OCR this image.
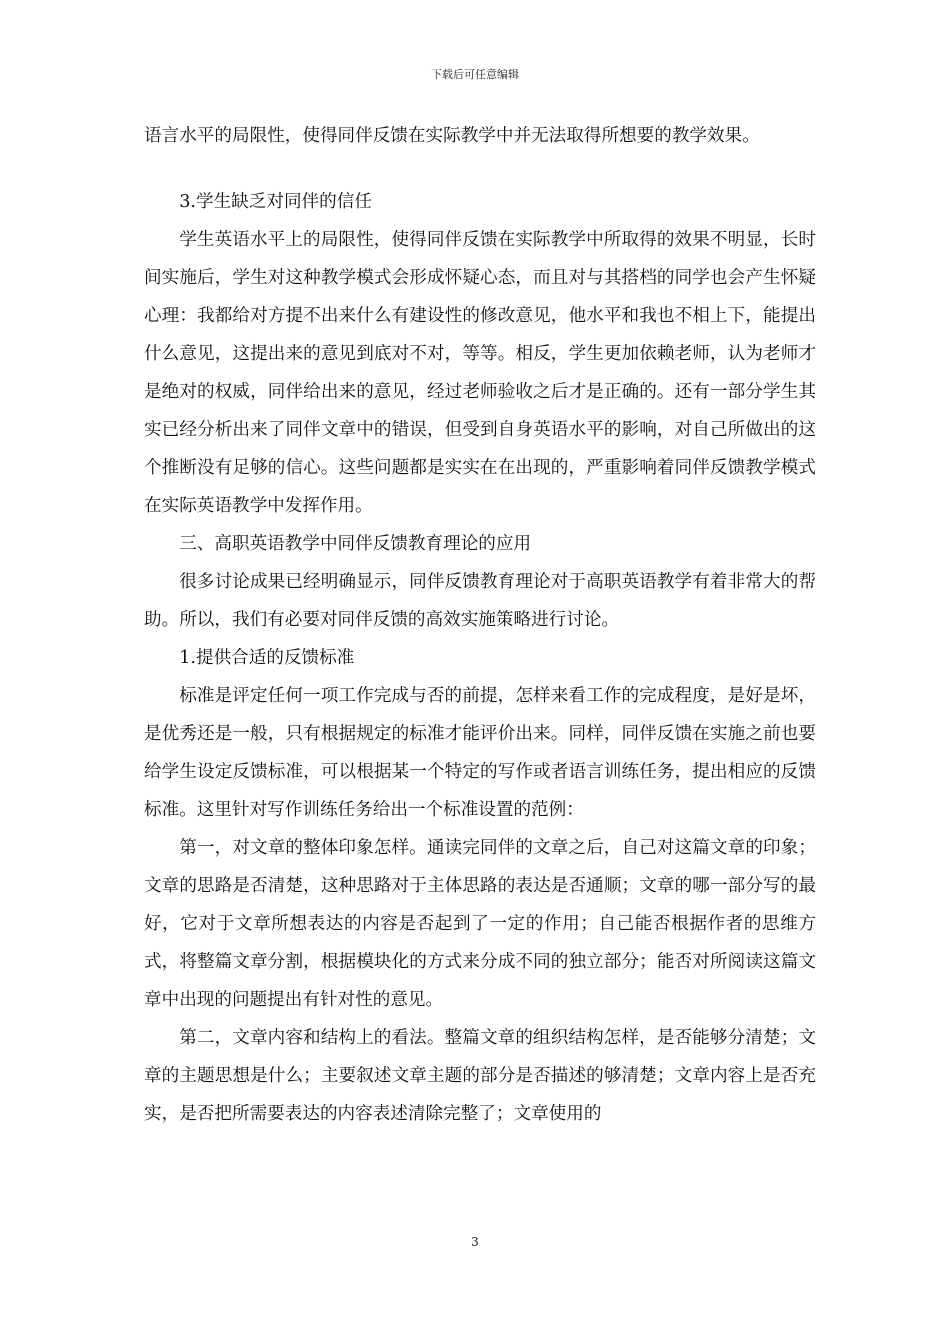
下载后可任意编辑

语言水平的局限性，使得同伴反馈在实际教学中并无法取得所想要的教学效果。

3.学生缺乏对同伴的信任

学生英语水平上的局限性，使得同伴反馈在实际教学中所取得的效果不明显，长时间实施后，学生对这种教学模式会形成怀疑心态，而且对与其搭档的同学也会产生怀疑心理：我都给对方提不出来什么有建设性的修改意见，他水平和我也不相上下，能提出什么意见，这提出来的意见到底对不对，等等。相反，学生更加依赖老师，认为老师才是绝对的权威，同伴给出来的意见，经过老师验收之后才是正确的。还有一部分学生其实已经分析出来了同伴文章中的错误，但受到自身英语水平的影响，对自己所做出的这个推断没有足够的信心。这些问题都是实实在在出现的，严重影响着同伴反馈教学模式在实际英语教学中发挥作用。

三、高职英语教学中同伴反馈教育理论的应用

很多讨论成果已经明确显示，同伴反馈教育理论对于高职英语教学有着非常大的帮助。所以，我们有必要对同伴反馈的高效实施策略进行讨论。

1.提供合适的反馈标准

标准是评定任何一项工作完成与否的前提，怎样来看工作的完成程度，是好是坏，是优秀还是一般，只有根据规定的标准才能评价出来。同样，同伴反馈在实施之前也要给学生设定反馈标准，可以根据某一个特定的写作或者语言训练任务，提出相应的反馈标准。这里针对写作训练任务给出一个标准设置的范例：

第一，对文章的整体印象怎样。通读完同伴的文章之后，自己对这篇文章的印象；文章的思路是否清楚，这种思路对于主体思路的表达是否通顺；文章的哪一部分写的最好，它对于文章所想表达的内容是否起到了一定的作用；自己能否根据作者的思维方式，将整篇文章分割，根据模块化的方式来分成不同的独立部分；能否对所阅读这篇文章中出现的问题提出有针对性的意见。

第二，文章内容和结构上的看法。整篇文章的组织结构怎样，是否能够分清楚；文章的主题思想是什么；主要叙述文章主题的部分是否描述的够清楚；文章内容上是否充实，是否把所需要表达的内容表述清除完整了；文章使用的

3
